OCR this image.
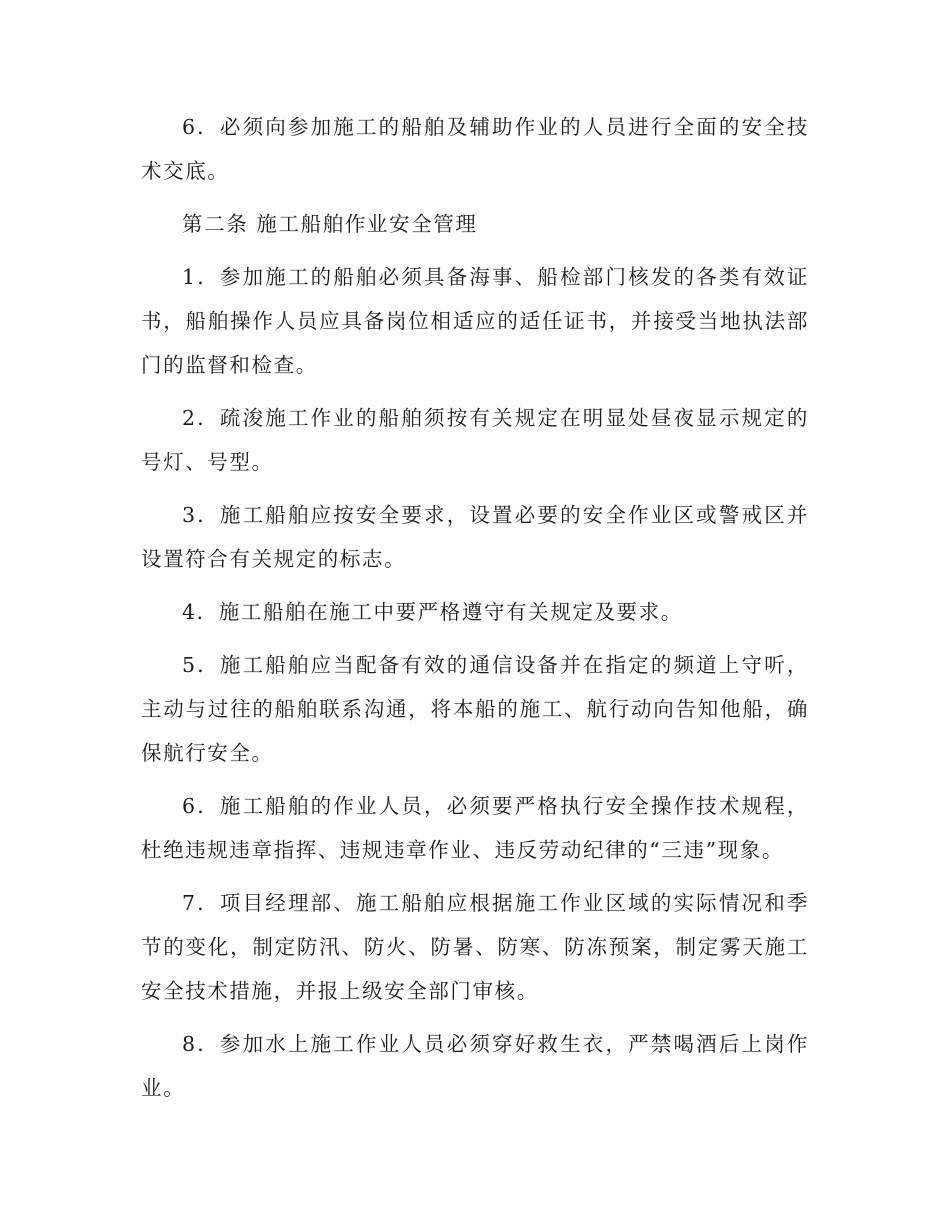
6．必须向参加施工的船舶及辅助作业的人员进行全面的安全技术交底。

第二条 施工船舶作业安全管理

1．参加施工的船舶必须具备海事、船检部门核发的各类有效证书，船舶操作人员应具备岗位相适应的适任证书，并接受当地执法部门的监督和检查。

2．疏浚施工作业的船舶须按有关规定在明显处昼夜显示规定的号灯、号型。

3．施工船舶应按安全要求，设置必要的安全作业区或警戒区并设置符合有关规定的标志。

4．施工船舶在施工中要严格遵守有关规定及要求。

5．施工船舶应当配备有效的通信设备并在指定的频道上守听，主动与过往的船舶联系沟通，将本船的施工、航行动向告知他船，确保航行安全。

6．施工船舶的作业人员，必须要严格执行安全操作技术规程，杜绝违规违章指挥、违规违章作业、违反劳动纪律的“三违”现象。

7．项目经理部、施工船舶应根据施工作业区域的实际情况和季节的变化，制定防汛、防火、防暑、防寒、防冻预案，制定雾天施工安全技术措施，并报上级安全部门审核。

8．参加水上施工作业人员必须穿好救生衣，严禁喝酒后上岗作业。
